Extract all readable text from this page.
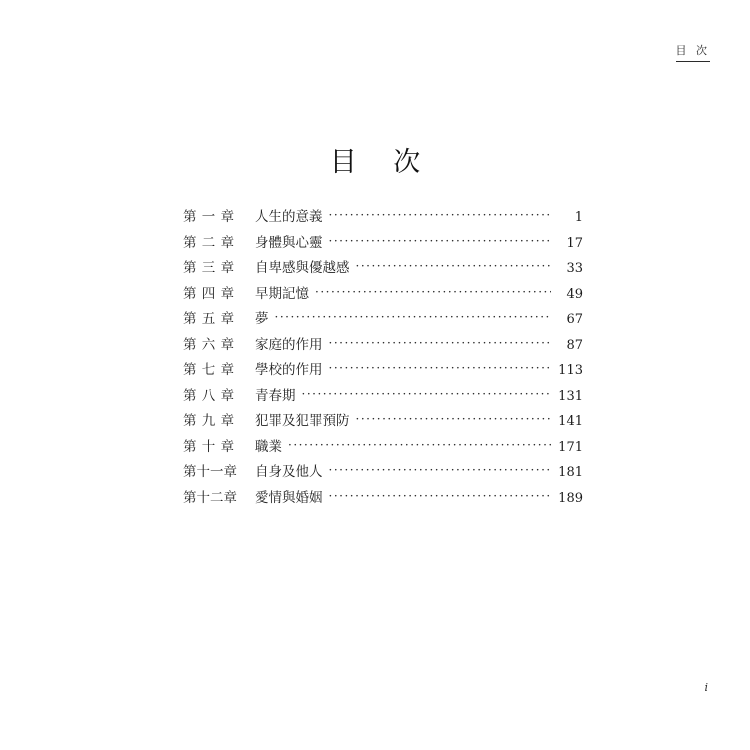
目 次
目 次
第 一 章	人生的意義 ·····	1
第 二 章	身體與心靈 ·····	17
第 三 章	自卑感與優越感 ·····	33
第 四 章	早期記憶 ·····	49
第 五 章	夢 ·····	67
第 六 章	家庭的作用 ·····	87
第 七 章	學校的作用 ·····	113
第 八 章	青春期 ·····	131
第 九 章	犯罪及犯罪預防 ·····	141
第 十 章	職業 ·····	171
第十一章	自身及他人 ·····	181
第十二章	愛情與婚姻 ·····	189
i
